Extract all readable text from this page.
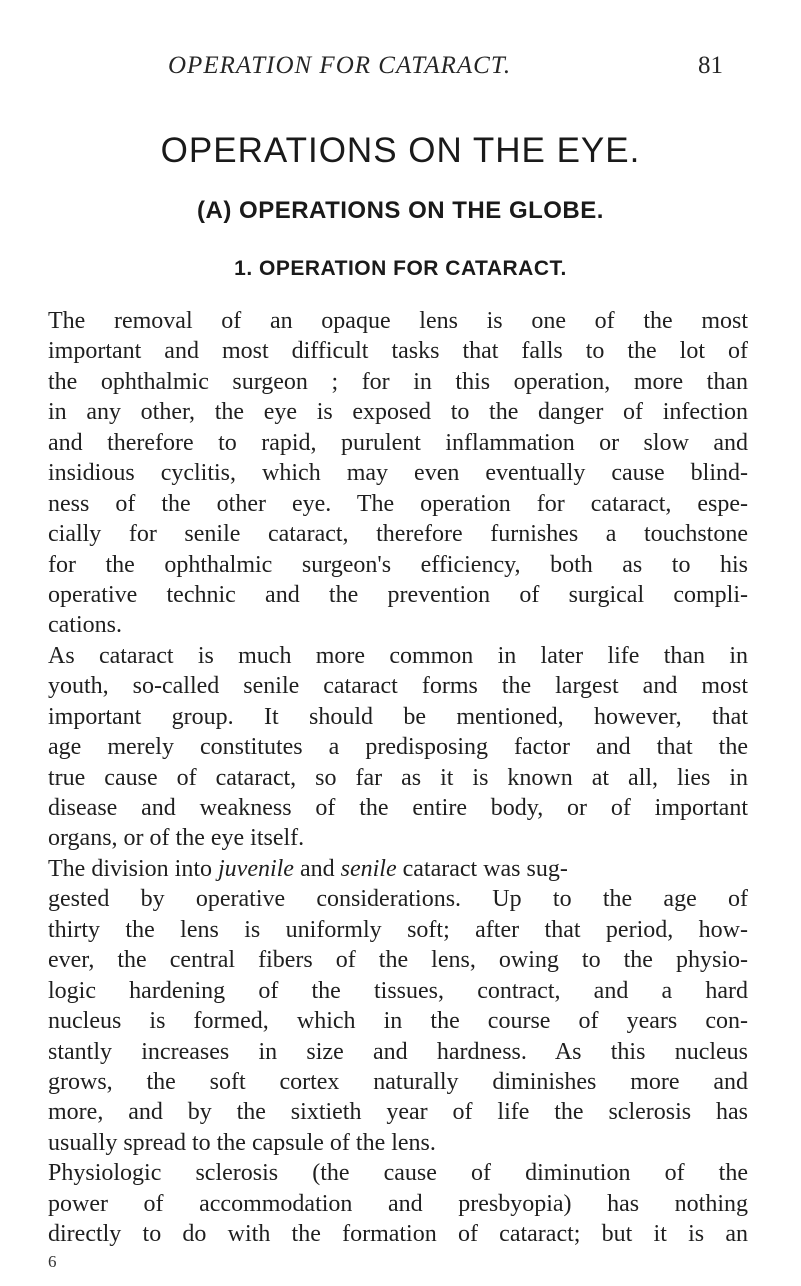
OPERATION FOR CATARACT.	81
OPERATIONS ON THE EYE.
(A) OPERATIONS ON THE GLOBE.
1. OPERATION FOR CATARACT.
The removal of an opaque lens is one of the most
important and most difficult tasks that falls to the lot of
the ophthalmic surgeon ; for in this operation, more than
in any other, the eye is exposed to the danger of infection
and therefore to rapid, purulent inflammation or slow and
insidious cyclitis, which may even eventually cause blind-
ness of the other eye. The operation for cataract, espe-
cially for senile cataract, therefore furnishes a touchstone
for the ophthalmic surgeon's efficiency, both as to his
operative technic and the prevention of surgical compli-
cations.
As cataract is much more common in later life than in
youth, so-called senile cataract forms the largest and most
important group. It should be mentioned, however, that
age merely constitutes a predisposing factor and that the
true cause of cataract, so far as it is known at all, lies in
disease and weakness of the entire body, or of important
organs, or of the eye itself.
The division into juvenile and senile cataract was sug-
gested by operative considerations. Up to the age of
thirty the lens is uniformly soft; after that period, how-
ever, the central fibers of the lens, owing to the physio-
logic hardening of the tissues, contract, and a hard
nucleus is formed, which in the course of years con-
stantly increases in size and hardness. As this nucleus
grows, the soft cortex naturally diminishes more and
more, and by the sixtieth year of life the sclerosis has
usually spread to the capsule of the lens.
Physiologic sclerosis (the cause of diminution of the
power of accommodation and presbyopia) has nothing
directly to do with the formation of cataract; but it is an
6
